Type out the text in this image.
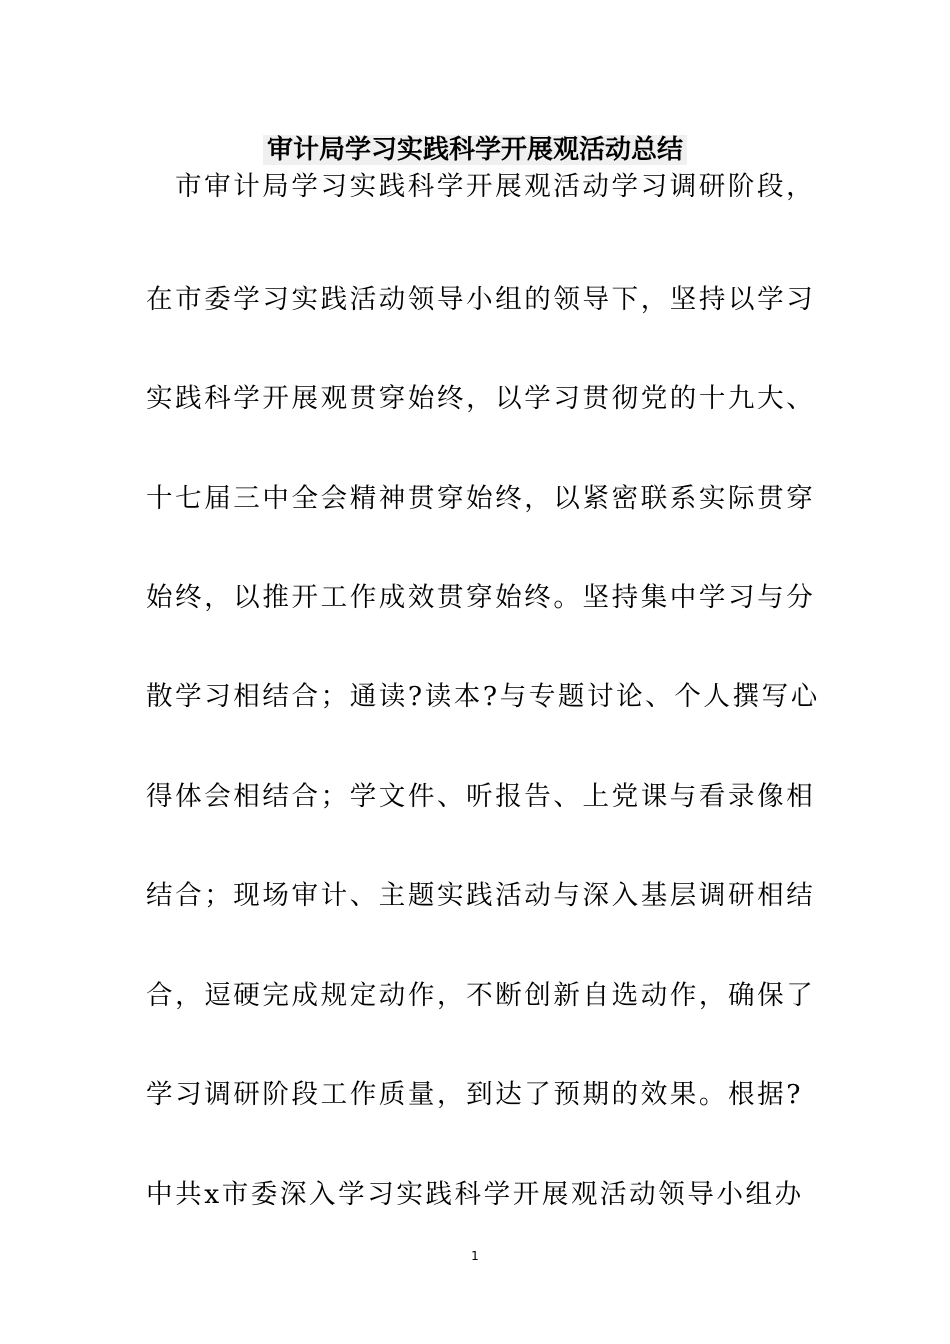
审计局学习实践科学开展观活动总结
市审计局学习实践科学开展观活动学习调研阶段，
在市委学习实践活动领导小组的领导下，坚持以学习
实践科学开展观贯穿始终，以学习贯彻党的十九大、
十七届三中全会精神贯穿始终，以紧密联系实际贯穿
始终，以推开工作成效贯穿始终。坚持集中学习与分
散学习相结合；通读?读本?与专题讨论、个人撰写心
得体会相结合；学文件、听报告、上党课与看录像相
结合；现场审计、主题实践活动与深入基层调研相结
合，逗硬完成规定动作，不断创新自选动作，确保了
学习调研阶段工作质量，到达了预期的效果。根据?
中共x市委深入学习实践科学开展观活动领导小组办
1
